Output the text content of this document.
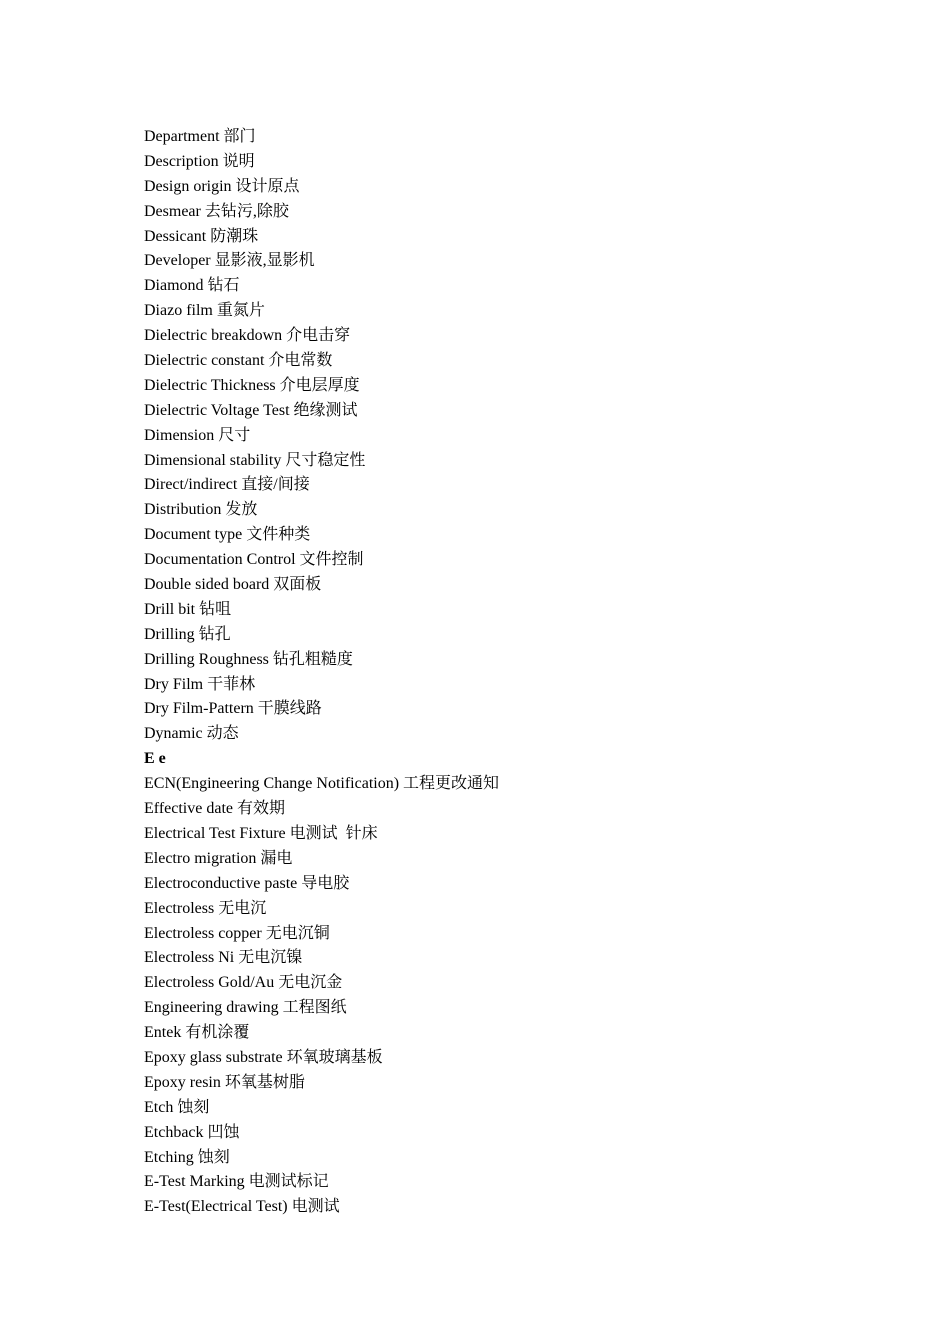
Department 部门
Description 说明
Design origin 设计原点
Desmear 去钻污,除胶
Dessicant 防潮珠
Developer 显影液,显影机
Diamond 钻石
Diazo film 重氮片
Dielectric breakdown 介电击穿
Dielectric constant 介电常数
Dielectric Thickness 介电层厚度
Dielectric Voltage Test 绝缘测试
Dimension 尺寸
Dimensional stability 尺寸稳定性
Direct/indirect 直接/间接
Distribution 发放
Document type 文件种类
Documentation Control 文件控制
Double sided board 双面板
Drill bit 钻咀
Drilling 钻孔
Drilling Roughness 钻孔粗糙度
Dry Film 干菲林
Dry Film-Pattern 干膜线路
Dynamic 动态
E e
ECN(Engineering Change Notification) 工程更改通知
Effective date 有效期
Electrical Test Fixture 电测试  针床
Electro migration 漏电
Electroconductive paste 导电胶
Electroless 无电沉
Electroless copper 无电沉铜
Electroless Ni 无电沉镍
Electroless Gold/Au 无电沉金
Engineering drawing 工程图纸
Entek 有机涂覆
Epoxy glass substrate 环氧玻璃基板
Epoxy resin 环氧基树脂
Etch 蚀刻
Etchback 凹蚀
Etching 蚀刻
E-Test Marking 电测试标记
E-Test(Electrical Test) 电测试
